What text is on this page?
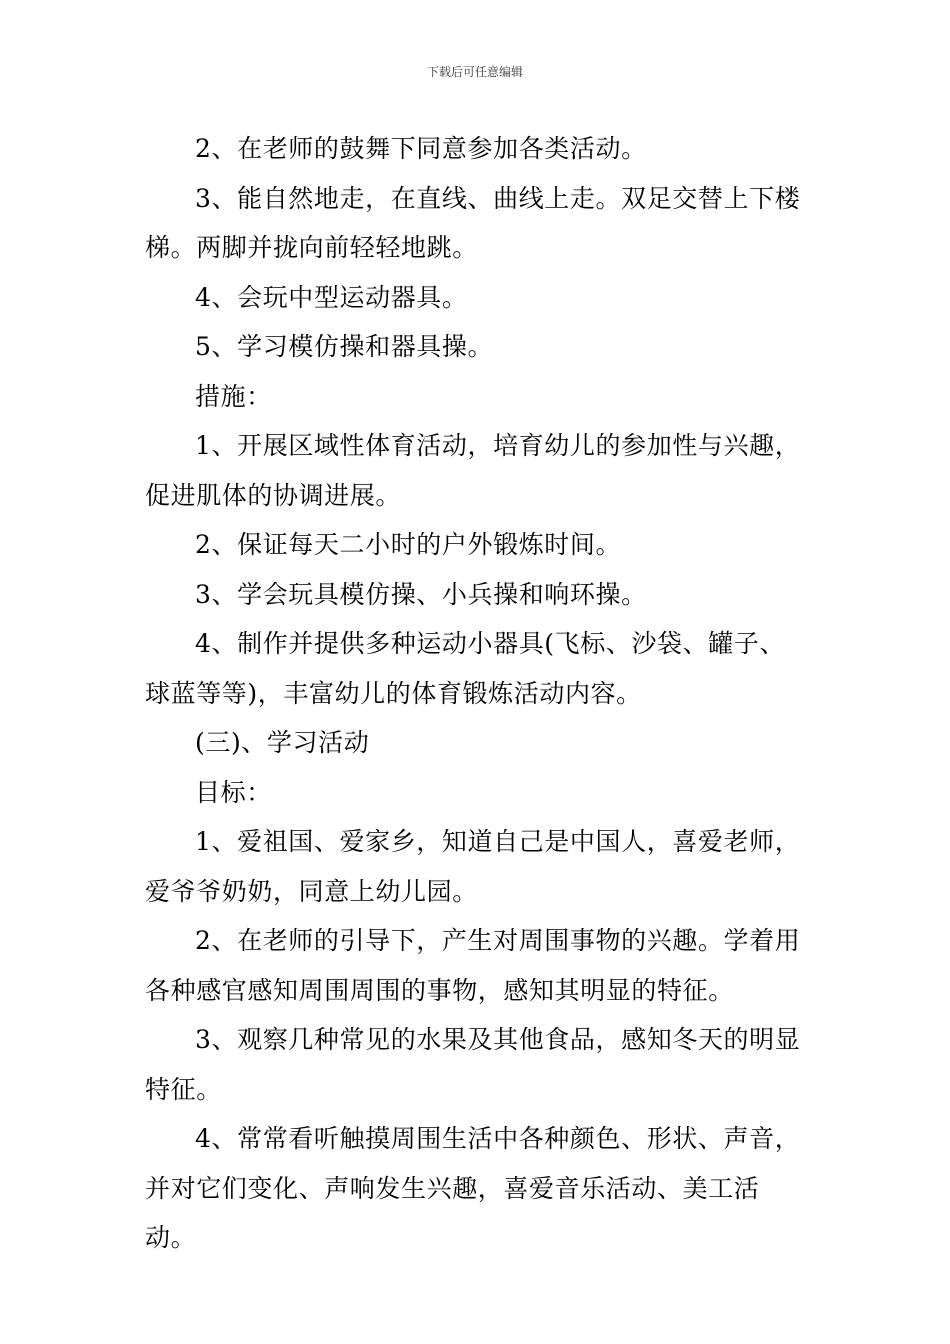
下载后可任意编辑

2、在老师的鼓舞下同意参加各类活动。

3、能自然地走，在直线、曲线上走。双足交替上下楼梯。两脚并拢向前轻轻地跳。

4、会玩中型运动器具。

5、学习模仿操和器具操。

措施：

1、开展区域性体育活动，培育幼儿的参加性与兴趣，促进肌体的协调进展。

2、保证每天二小时的户外锻炼时间。

3、学会玩具模仿操、小兵操和响环操。

4、制作并提供多种运动小器具(飞标、沙袋、罐子、球蓝等等)，丰富幼儿的体育锻炼活动内容。

(三)、学习活动

目标：

1、爱祖国、爱家乡，知道自己是中国人，喜爱老师，爱爷爷奶奶，同意上幼儿园。

2、在老师的引导下，产生对周围事物的兴趣。学着用各种感官感知周围周围的事物，感知其明显的特征。

3、观察几种常见的水果及其他食品，感知冬天的明显特征。

4、常常看听触摸周围生活中各种颜色、形状、声音，并对它们变化、声响发生兴趣，喜爱音乐活动、美工活动。
